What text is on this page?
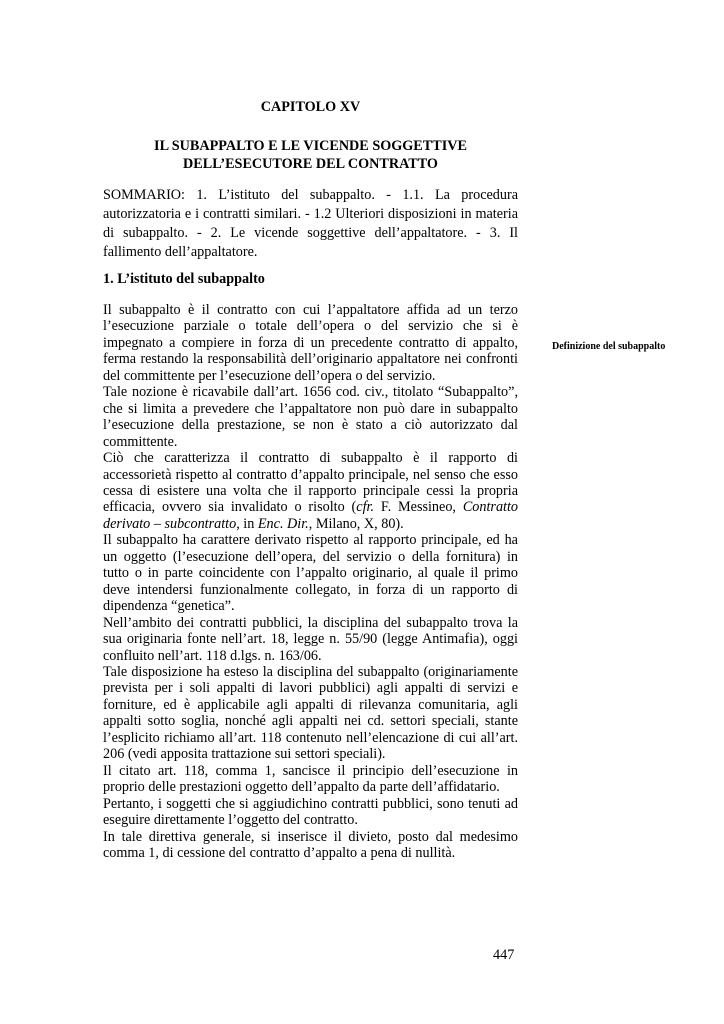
CAPITOLO XV
IL SUBAPPALTO E LE VICENDE SOGGETTIVE
DELL’ESECUTORE DEL CONTRATTO
SOMMARIO: 1. L’istituto del subappalto. - 1.1. La procedura autorizzatoria e i contratti similari. - 1.2 Ulteriori disposizioni in materia di subappalto. - 2. Le vicende soggettive dell’appaltatore. - 3. Il fallimento dell’appaltatore.
1. L’istituto del subappalto
Il subappalto è il contratto con cui l’appaltatore affida ad un terzo l’esecuzione parziale o totale dell’opera o del servizio che si è impegnato a compiere in forza di un precedente contratto di appalto, ferma restando la responsabilità dell’originario appaltatore nei confronti del committente per l’esecuzione dell’opera o del servizio.
Tale nozione è ricavabile dall’art. 1656 cod. civ., titolato “Subappalto”, che si limita a prevedere che l’appaltatore non può dare in subappalto l’esecuzione della prestazione, se non è stato a ciò autorizzato dal committente.
Ciò che caratterizza il contratto di subappalto è il rapporto di accessorietà rispetto al contratto d’appalto principale, nel senso che esso cessa di esistere una volta che il rapporto principale cessi la propria efficacia, ovvero sia invalidato o risolto (cfr. F. Messineo, Contratto derivato – subcontratto, in Enc. Dir., Milano, X, 80).
Il subappalto ha carattere derivato rispetto al rapporto principale, ed ha un oggetto (l’esecuzione dell’opera, del servizio o della fornitura) in tutto o in parte coincidente con l’appalto originario, al quale il primo deve intendersi funzionalmente collegato, in forza di un rapporto di dipendenza “genetica”.
Nell’ambito dei contratti pubblici, la disciplina del subappalto trova la sua originaria fonte nell’art. 18, legge n. 55/90 (legge Antimafia), oggi confluito nell’art. 118 d.lgs. n. 163/06.
Tale disposizione ha esteso la disciplina del subappalto (originariamente prevista per i soli appalti di lavori pubblici) agli appalti di servizi e forniture, ed è applicabile agli appalti di rilevanza comunitaria, agli appalti sotto soglia, nonché agli appalti nei cd. settori speciali, stante l’esplicito richiamo all’art. 118 contenuto nell’elencazione di cui all’art. 206 (vedi apposita trattazione sui settori speciali).
Il citato art. 118, comma 1, sancisce il principio dell’esecuzione in proprio delle prestazioni oggetto dell’appalto da parte dell’affidatario.
Pertanto, i soggetti che si aggiudichino contratti pubblici, sono tenuti ad eseguire direttamente l’oggetto del contratto.
In tale direttiva generale, si inserisce il divieto, posto dal medesimo comma 1, di cessione del contratto d’appalto a pena di nullità.
Definizione del subappalto
447
